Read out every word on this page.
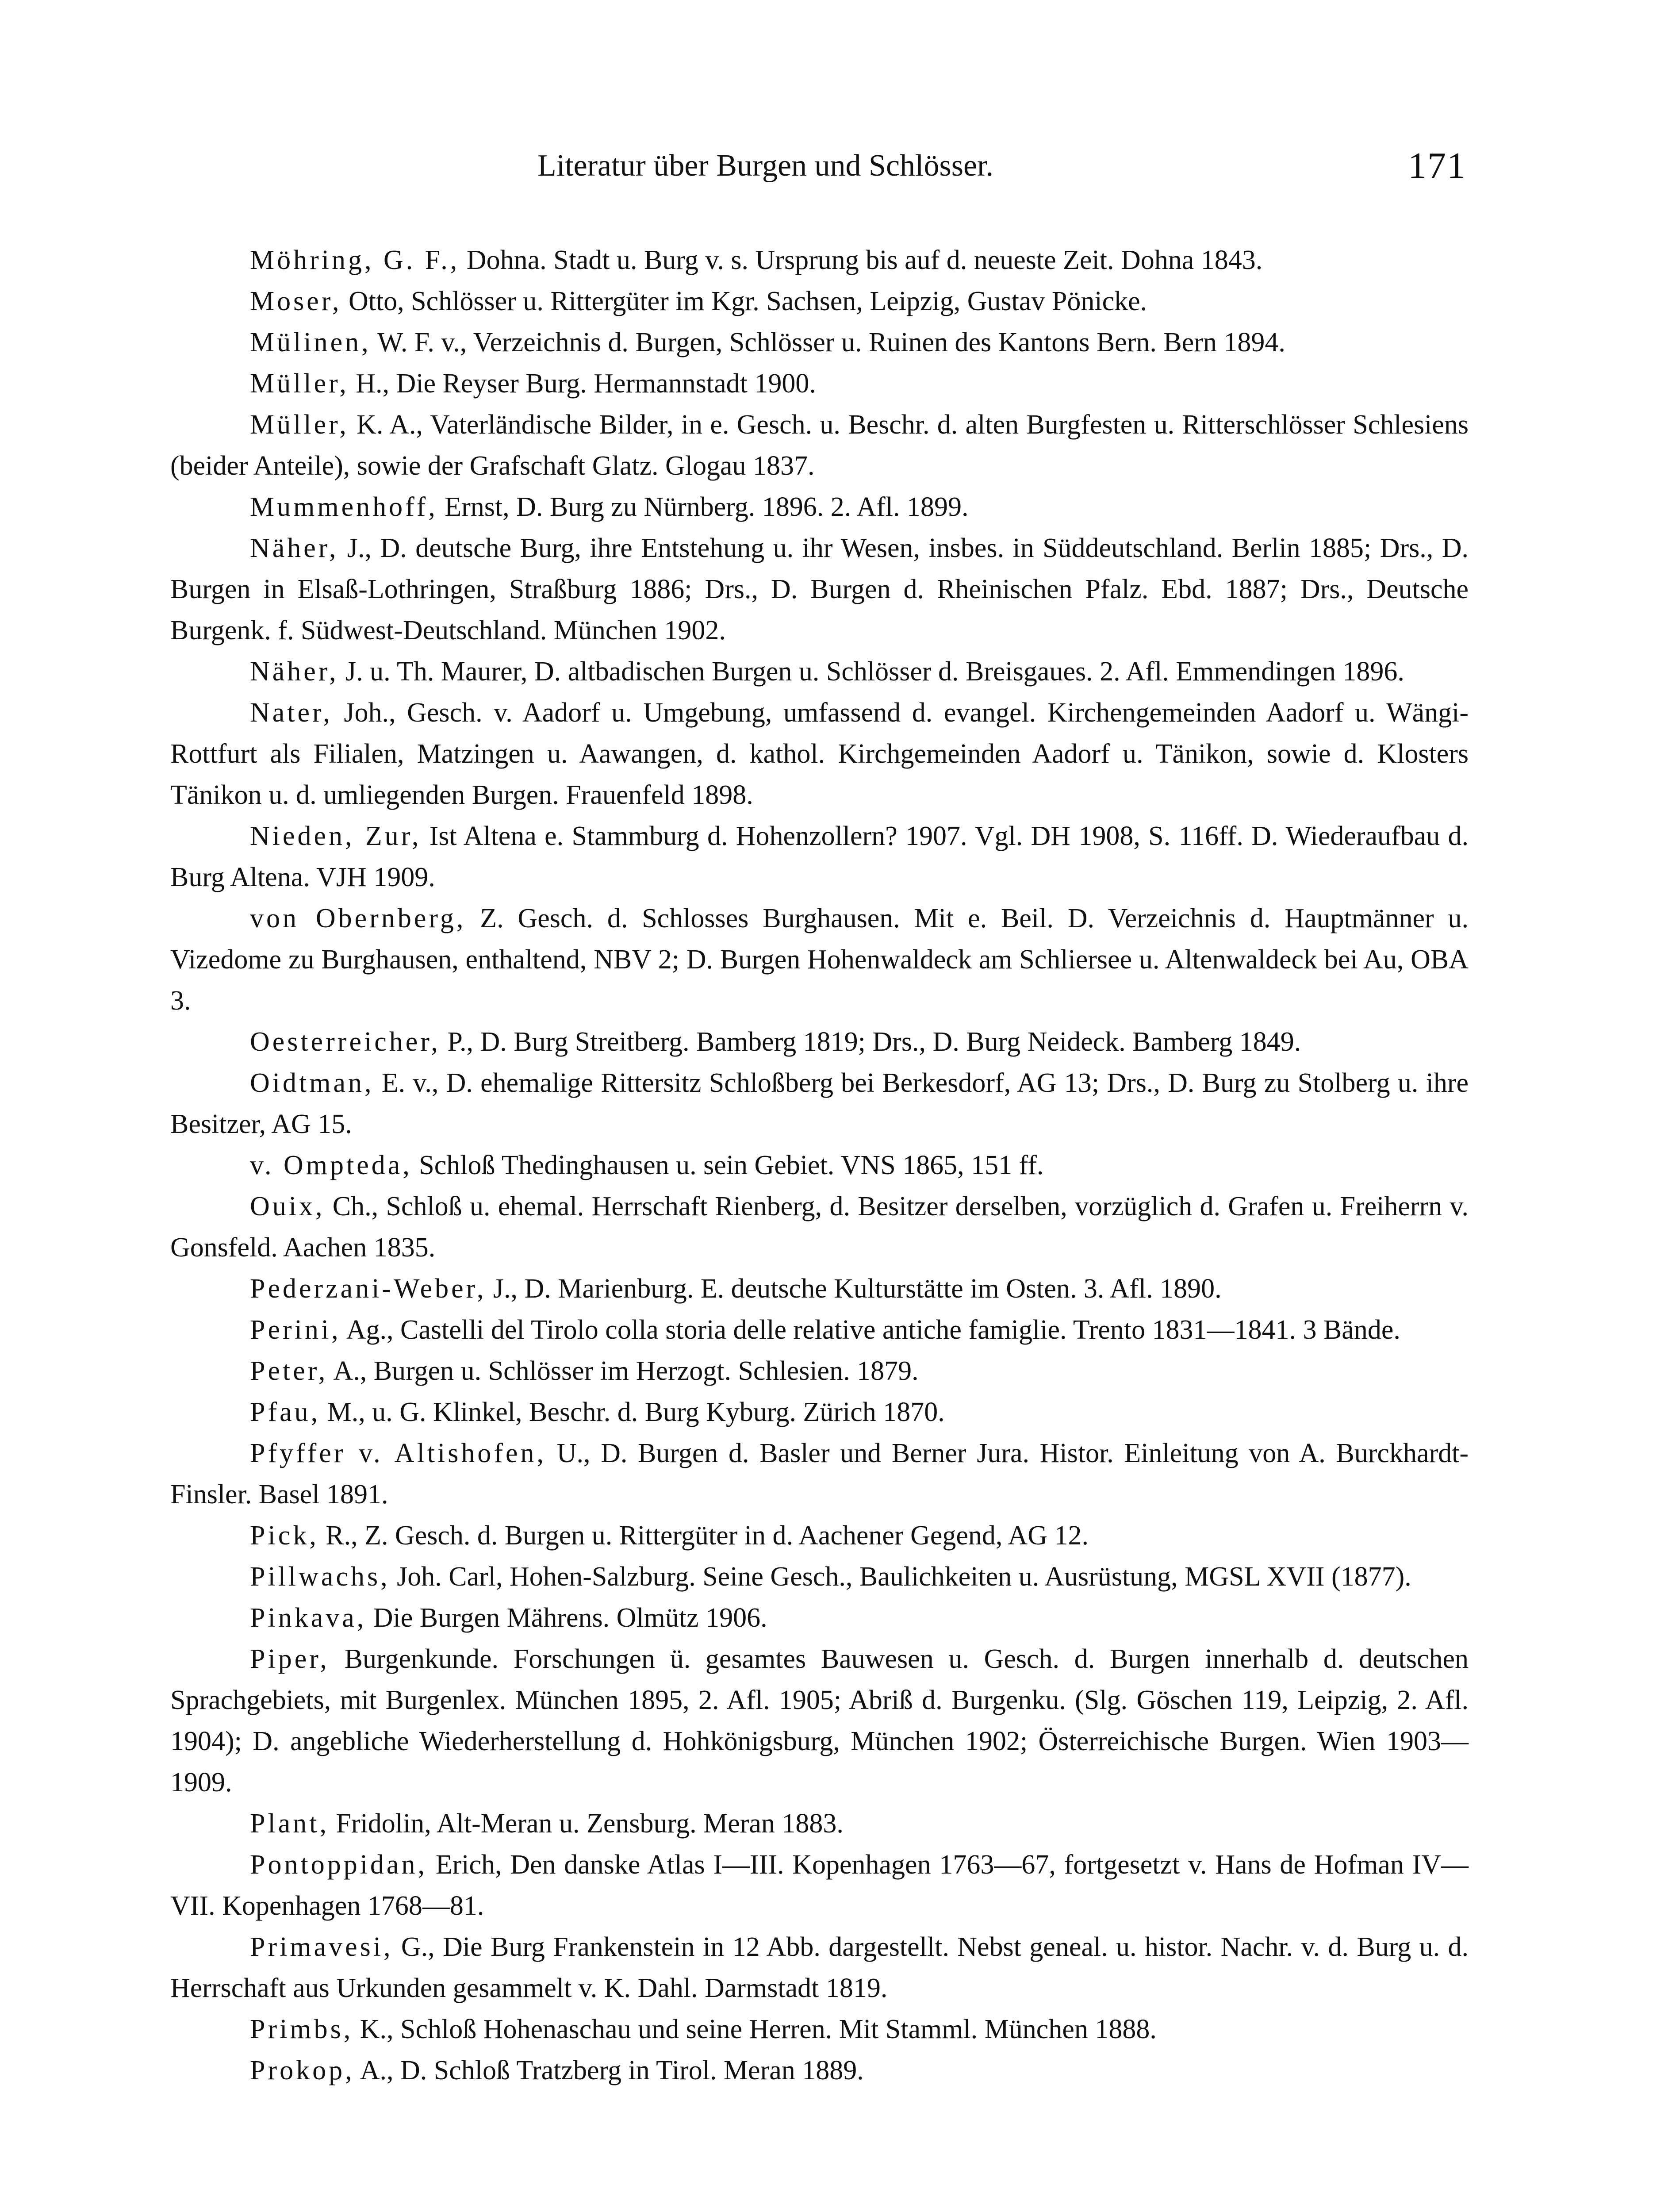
Literatur über Burgen und Schlösser.	171

Möhring, G. F., Dohna. Stadt u. Burg v. s. Ursprung bis auf d. neueste Zeit. Dohna 1843.

Moser, Otto, Schlösser u. Rittergüter im Kgr. Sachsen, Leipzig, Gustav Pönicke.

Mülinen, W. F. v., Verzeichnis d. Burgen, Schlösser u. Ruinen des Kantons Bern. Bern 1894.

Müller, H., Die Reyser Burg. Hermannstadt 1900.

Müller, K. A., Vaterländische Bilder, in e. Gesch. u. Beschr. d. alten Burgfesten u. Ritterschlösser Schlesiens (beider Anteile), sowie der Grafschaft Glatz. Glogau 1837.

Mummenhoff, Ernst, D. Burg zu Nürnberg. 1896. 2. Afl. 1899.

Näher, J., D. deutsche Burg, ihre Entstehung u. ihr Wesen, insbes. in Süddeutschland. Berlin 1885; Drs., D. Burgen in Elsaß-Lothringen, Straßburg 1886; Drs., D. Burgen d. Rheinischen Pfalz. Ebd. 1887; Drs., Deutsche Burgenk. f. Südwest-Deutschland. München 1902.

Näher, J. u. Th. Maurer, D. altbadischen Burgen u. Schlösser d. Breisgaues. 2. Afl. Emmendingen 1896.

Nater, Joh., Gesch. v. Aadorf u. Umgebung, umfassend d. evangel. Kirchengemeinden Aadorf u. Wängi-Rottfurt als Filialen, Matzingen u. Aawangen, d. kathol. Kirchgemeinden Aadorf u. Tänikon, sowie d. Klosters Tänikon u. d. umliegenden Burgen. Frauenfeld 1898.

Nieden, Zur, Ist Altena e. Stammburg d. Hohenzollern? 1907. Vgl. DH 1908, S. 116ff. D. Wiederaufbau d. Burg Altena. VJH 1909.

von Obernberg, Z. Gesch. d. Schlosses Burghausen. Mit e. Beil. D. Verzeichnis d. Hauptmänner u. Vizedome zu Burghausen, enthaltend, NBV 2; D. Burgen Hohenwaldeck am Schliersee u. Altenwaldeck bei Au, OBA 3.

Oesterreicher, P., D. Burg Streitberg. Bamberg 1819; Drs., D. Burg Neideck. Bamberg 1849.

Oidtman, E. v., D. ehemalige Rittersitz Schloßberg bei Berkesdorf, AG 13; Drs., D. Burg zu Stolberg u. ihre Besitzer, AG 15.

v. Ompteda, Schloß Thedinghausen u. sein Gebiet. VNS 1865, 151 ff.

Ouix, Ch., Schloß u. ehemal. Herrschaft Rienberg, d. Besitzer derselben, vorzüglich d. Grafen u. Freiherrn v. Gonsfeld. Aachen 1835.

Pederzani-Weber, J., D. Marienburg. E. deutsche Kulturstätte im Osten. 3. Afl. 1890.

Perini, Ag., Castelli del Tirolo colla storia delle relative antiche famiglie. Trento 1831—1841. 3 Bände.

Peter, A., Burgen u. Schlösser im Herzogt. Schlesien. 1879.

Pfau, M., u. G. Klinkel, Beschr. d. Burg Kyburg. Zürich 1870.

Pfyffer v. Altishofen, U., D. Burgen d. Basler und Berner Jura. Histor. Einleitung von A. Burckhardt-Finsler. Basel 1891.

Pick, R., Z. Gesch. d. Burgen u. Rittergüter in d. Aachener Gegend, AG 12.

Pillwachs, Joh. Carl, Hohen-Salzburg. Seine Gesch., Baulichkeiten u. Ausrüstung, MGSL XVII (1877).

Pinkava, Die Burgen Mährens. Olmütz 1906.

Piper, Burgenkunde. Forschungen ü. gesamtes Bauwesen u. Gesch. d. Burgen innerhalb d. deutschen Sprachgebiets, mit Burgenlex. München 1895, 2. Afl. 1905; Abriß d. Burgenku. (Slg. Göschen 119, Leipzig, 2. Afl. 1904); D. angebliche Wiederherstellung d. Hohkönigsburg, München 1902; Österreichische Burgen. Wien 1903—1909.

Plant, Fridolin, Alt-Meran u. Zensburg. Meran 1883.

Pontoppidan, Erich, Den danske Atlas I—III. Kopenhagen 1763—67, fortgesetzt v. Hans de Hofman IV—VII. Kopenhagen 1768—81.

Primavesi, G., Die Burg Frankenstein in 12 Abb. dargestellt. Nebst geneal. u. histor. Nachr. v. d. Burg u. d. Herrschaft aus Urkunden gesammelt v. K. Dahl. Darmstadt 1819.

Primbs, K., Schloß Hohenaschau und seine Herren. Mit Stamml. München 1888.

Prokop, A., D. Schloß Tratzberg in Tirol. Meran 1889.
